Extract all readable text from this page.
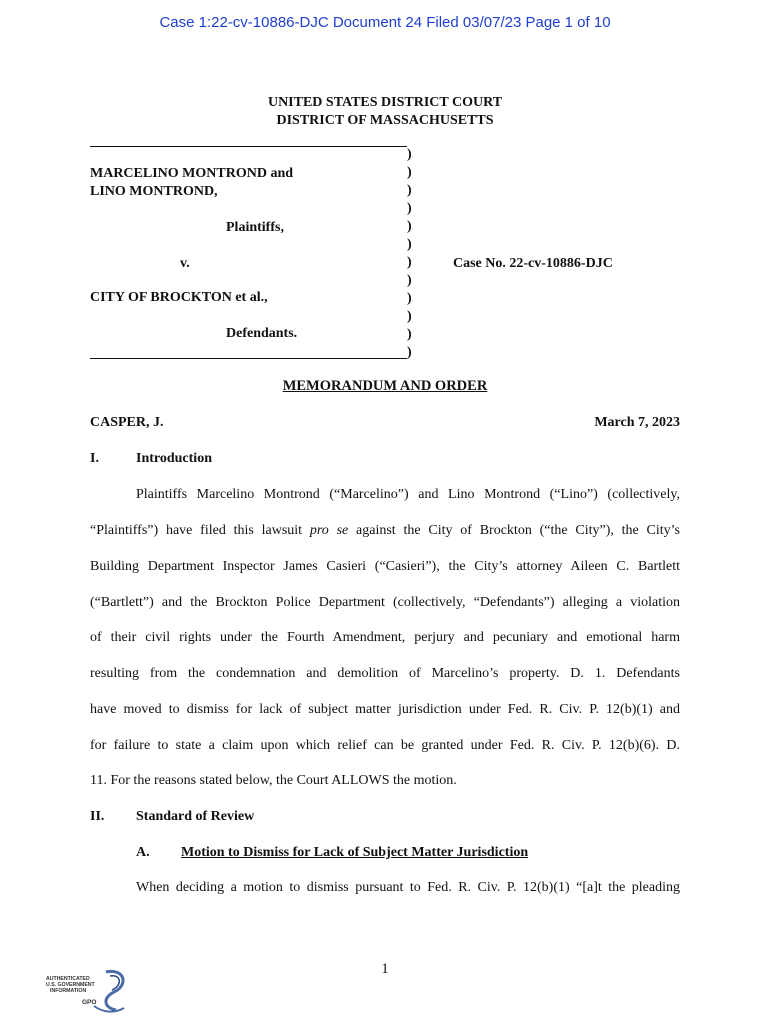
Case 1:22-cv-10886-DJC Document 24 Filed 03/07/23 Page 1 of 10
UNITED STATES DISTRICT COURT
DISTRICT OF MASSACHUSETTS
)
)
)
)
)
)
)
)
)
)
)
)
MARCELINO MONTROND and
LINO MONTROND,
Plaintiffs,
v.	Case No. 22-cv-10886-DJC
CITY OF BROCKTON et al.,
Defendants.
MEMORANDUM AND ORDER
CASPER, J.	March 7, 2023
I.	Introduction
Plaintiffs Marcelino Montrond (“Marcelino”) and Lino Montrond (“Lino”) (collectively,
“Plaintiffs”) have filed this lawsuit pro se against the City of Brockton (“the City”), the City’s
Building Department Inspector James Casieri (“Casieri”), the City’s attorney Aileen C. Bartlett
(“Bartlett”) and the Brockton Police Department (collectively, “Defendants”) alleging a violation
of their civil rights under the Fourth Amendment, perjury and pecuniary and emotional harm
resulting from the condemnation and demolition of Marcelino’s property. D. 1. Defendants
have moved to dismiss for lack of subject matter jurisdiction under Fed. R. Civ. P. 12(b)(1) and
for failure to state a claim upon which relief can be granted under Fed. R. Civ. P. 12(b)(6). D.
11. For the reasons stated below, the Court ALLOWS the motion.
II. Standard of Review
A. Motion to Dismiss for Lack of Subject Matter Jurisdiction
When deciding a motion to dismiss pursuant to Fed. R. Civ. P. 12(b)(1) “[a]t the pleading
1
AUTHENTICATED
U.S. GOVERNMENT
INFORMATION
GPO
